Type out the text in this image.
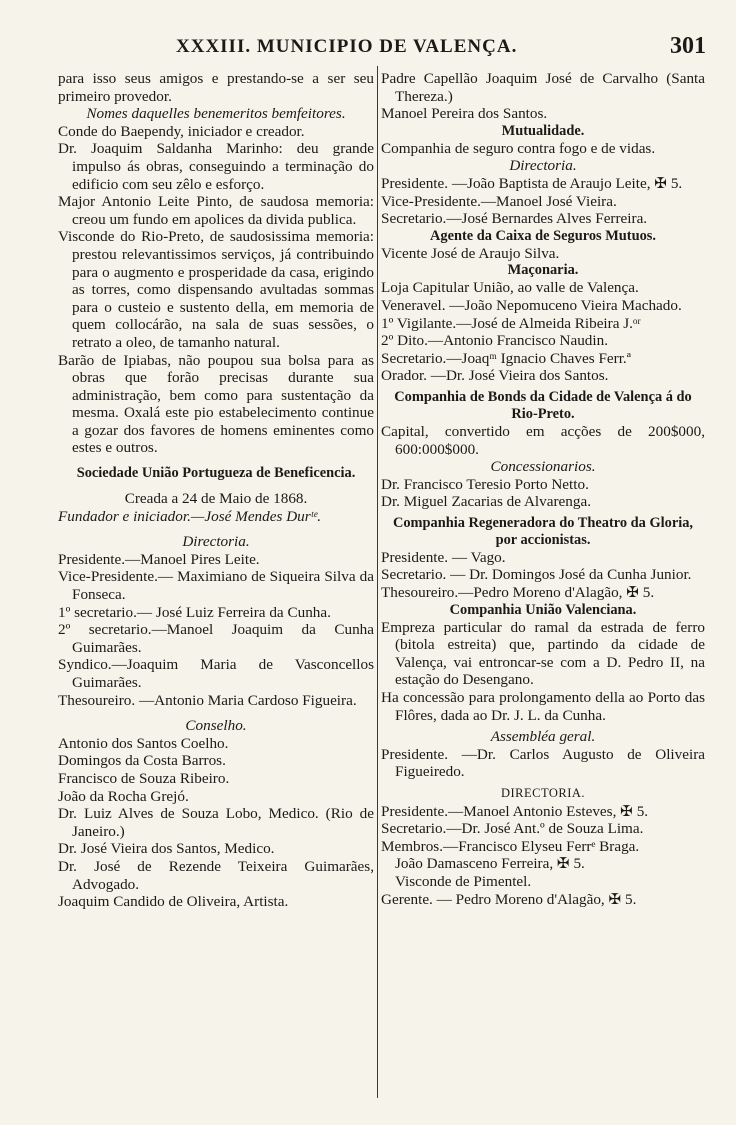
XXXIII. MUNICIPIO DE VALENÇA.	301

para isso seus amigos e prestando-se a ser seu primeiro provedor.

Nomes daquelles benemeritos bemfeitores.

Conde do Baependy, iniciador e creador.

Dr. Joaquim Saldanha Marinho: deu grande impulso ás obras, conseguindo a terminação do edificio com seu zêlo e esforço.

Major Antonio Leite Pinto, de saudosa memoria: creou um fundo em apolices da divida publica.

Visconde do Rio-Preto, de saudosissima memoria: prestou relevantissimos serviços, já contribuindo para o augmento e prosperidade da casa, erigindo as torres, como dispensando avultadas sommas para o custeio e sustento della, em memoria de quem collocárão, na sala de suas sessões, o retrato a oleo, de tamanho natural.

Barão de Ipiabas, não poupou sua bolsa para as obras que forão precisas durante sua administração, bem como para sustentação da mesma. Oxalá este pio estabelecimento continue a gozar dos favores de homens eminentes como estes e outros.

Sociedade União Portugueza de Beneficencia.

Creada a 24 de Maio de 1868.

Fundador e iniciador.—José Mendes Durᵗᵉ.

Directoria.

Presidente.—Manoel Pires Leite.

Vice-Presidente.— Maximiano de Siqueira Silva da Fonseca.

1º secretario.— José Luiz Ferreira da Cunha.

2º secretario.—Manoel Joaquim da Cunha Guimarães.

Syndico.—Joaquim Maria de Vasconcellos Guimarães.

Thesoureiro. —Antonio Maria Cardoso Figueira.

Conselho.

Antonio dos Santos Coelho.

Domingos da Costa Barros.

Francisco de Souza Ribeiro.

João da Rocha Grejó.

Dr. Luiz Alves de Souza Lobo, Medico. (Rio de Janeiro.)

Dr. José Vieira dos Santos, Medico.

Dr. José de Rezende Teixeira Guimarães, Advogado.

Joaquim Candido de Oliveira, Artista.

Padre Capellão Joaquim José de Carvalho (Santa Thereza.)

Manoel Pereira dos Santos.

Mutualidade.

Companhia de seguro contra fogo e de vidas.

Directoria.

Presidente. —João Baptista de Araujo Leite, ✠ 5.

Vice-Presidente.—Manoel José Vieira.

Secretario.—José Bernardes Alves Ferreira.

Agente da Caixa de Seguros Mutuos.

Vicente José de Araujo Silva.

Maçonaria.

Loja Capitular União, ao valle de Valença.

Veneravel. —João Nepomuceno Vieira Machado.

1º Vigilante.—José de Almeida Ribeira J.ᵒʳ

2º Dito.—Antonio Francisco Naudin.

Secretario.—Joaqᵐ Ignacio Chaves Ferr.ª

Orador. —Dr. José Vieira dos Santos.

Companhia de Bonds da Cidade de Valença á do Rio-Preto.

Capital, convertido em acções de 200$000, 600:000$000.

Concessionarios.

Dr. Francisco Teresio Porto Netto.

Dr. Miguel Zacarias de Alvarenga.

Companhia Regeneradora do Theatro da Gloria, por accionistas.

Presidente. — Vago.

Secretario. — Dr. Domingos José da Cunha Junior.

Thesoureiro.—Pedro Moreno d'Alagão, ✠ 5.

Companhia União Valenciana.

Empreza particular do ramal da estrada de ferro (bitola estreita) que, partindo da cidade de Valença, vai entroncar-se com a D. Pedro II, na estação do Desengano.

Ha concessão para prolongamento della ao Porto das Flôres, dada ao Dr. J. L. da Cunha.

Assembléa geral.

Presidente. —Dr. Carlos Augusto de Oliveira Figueiredo.

DIRECTORIA.

Presidente.—Manoel Antonio Esteves, ✠ 5.

Secretario.—Dr. José Ant.º de Souza Lima.

Membros.—Francisco Elyseu Ferrᵉ Braga.

João Damasceno Ferreira, ✠ 5.

Visconde de Pimentel.

Gerente. — Pedro Moreno d'Alagão, ✠ 5.
